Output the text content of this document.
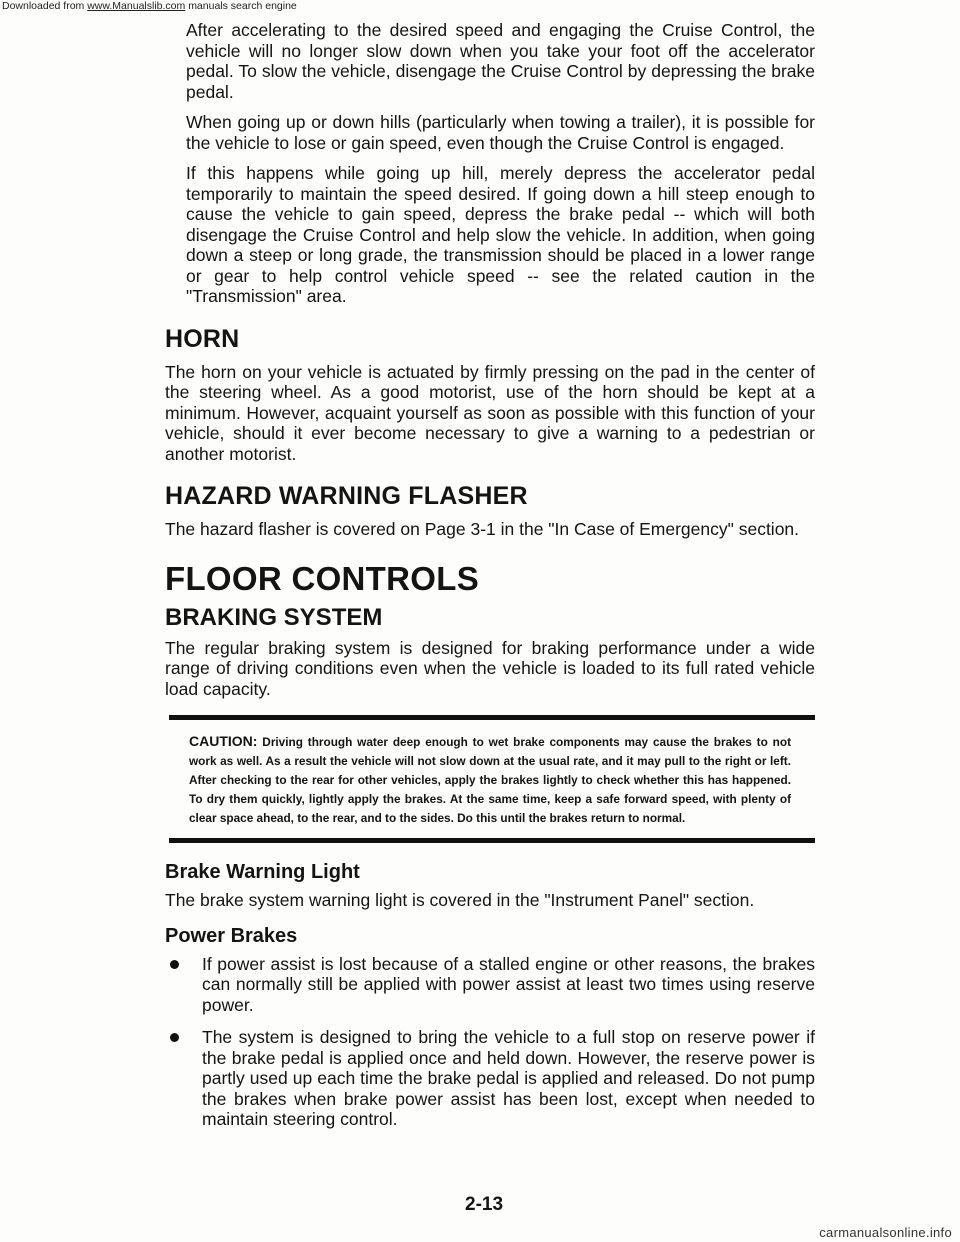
Downloaded from www.Manualslib.com manuals search engine

After accelerating to the desired speed and engaging the Cruise Control, the vehicle will no longer slow down when you take your foot off the accelerator pedal. To slow the vehicle, disengage the Cruise Control by depressing the brake pedal.

When going up or down hills (particularly when towing a trailer), it is possible for the vehicle to lose or gain speed, even though the Cruise Control is engaged.

If this happens while going up hill, merely depress the accelerator pedal temporarily to maintain the speed desired. If going down a hill steep enough to cause the vehicle to gain speed, depress the brake pedal -- which will both disengage the Cruise Control and help slow the vehicle. In addition, when going down a steep or long grade, the transmission should be placed in a lower range or gear to help control vehicle speed -- see the related caution in the "Transmission" area.

HORN

The horn on your vehicle is actuated by firmly pressing on the pad in the center of the steering wheel. As a good motorist, use of the horn should be kept at a minimum. However, acquaint yourself as soon as possible with this function of your vehicle, should it ever become necessary to give a warning to a pedestrian or another motorist.

HAZARD WARNING FLASHER

The hazard flasher is covered on Page 3-1 in the "In Case of Emergency" section.

FLOOR CONTROLS
BRAKING SYSTEM

The regular braking system is designed for braking performance under a wide range of driving conditions even when the vehicle is loaded to its full rated vehicle load capacity.

CAUTION: Driving through water deep enough to wet brake components may cause the brakes to not work as well. As a result the vehicle will not slow down at the usual rate, and it may pull to the right or left. After checking to the rear for other vehicles, apply the brakes lightly to check whether this has happened. To dry them quickly, lightly apply the brakes. At the same time, keep a safe forward speed, with plenty of clear space ahead, to the rear, and to the sides. Do this until the brakes return to normal.
Brake Warning Light

The brake system warning light is covered in the "Instrument Panel" section.

Power Brakes
If power assist is lost because of a stalled engine or other reasons, the brakes can normally still be applied with power assist at least two times using reserve power.
The system is designed to bring the vehicle to a full stop on reserve power if the brake pedal is applied once and held down. However, the reserve power is partly used up each time the brake pedal is applied and released. Do not pump the brakes when brake power assist has been lost, except when needed to maintain steering control.
2-13
carmanualsonline.info
